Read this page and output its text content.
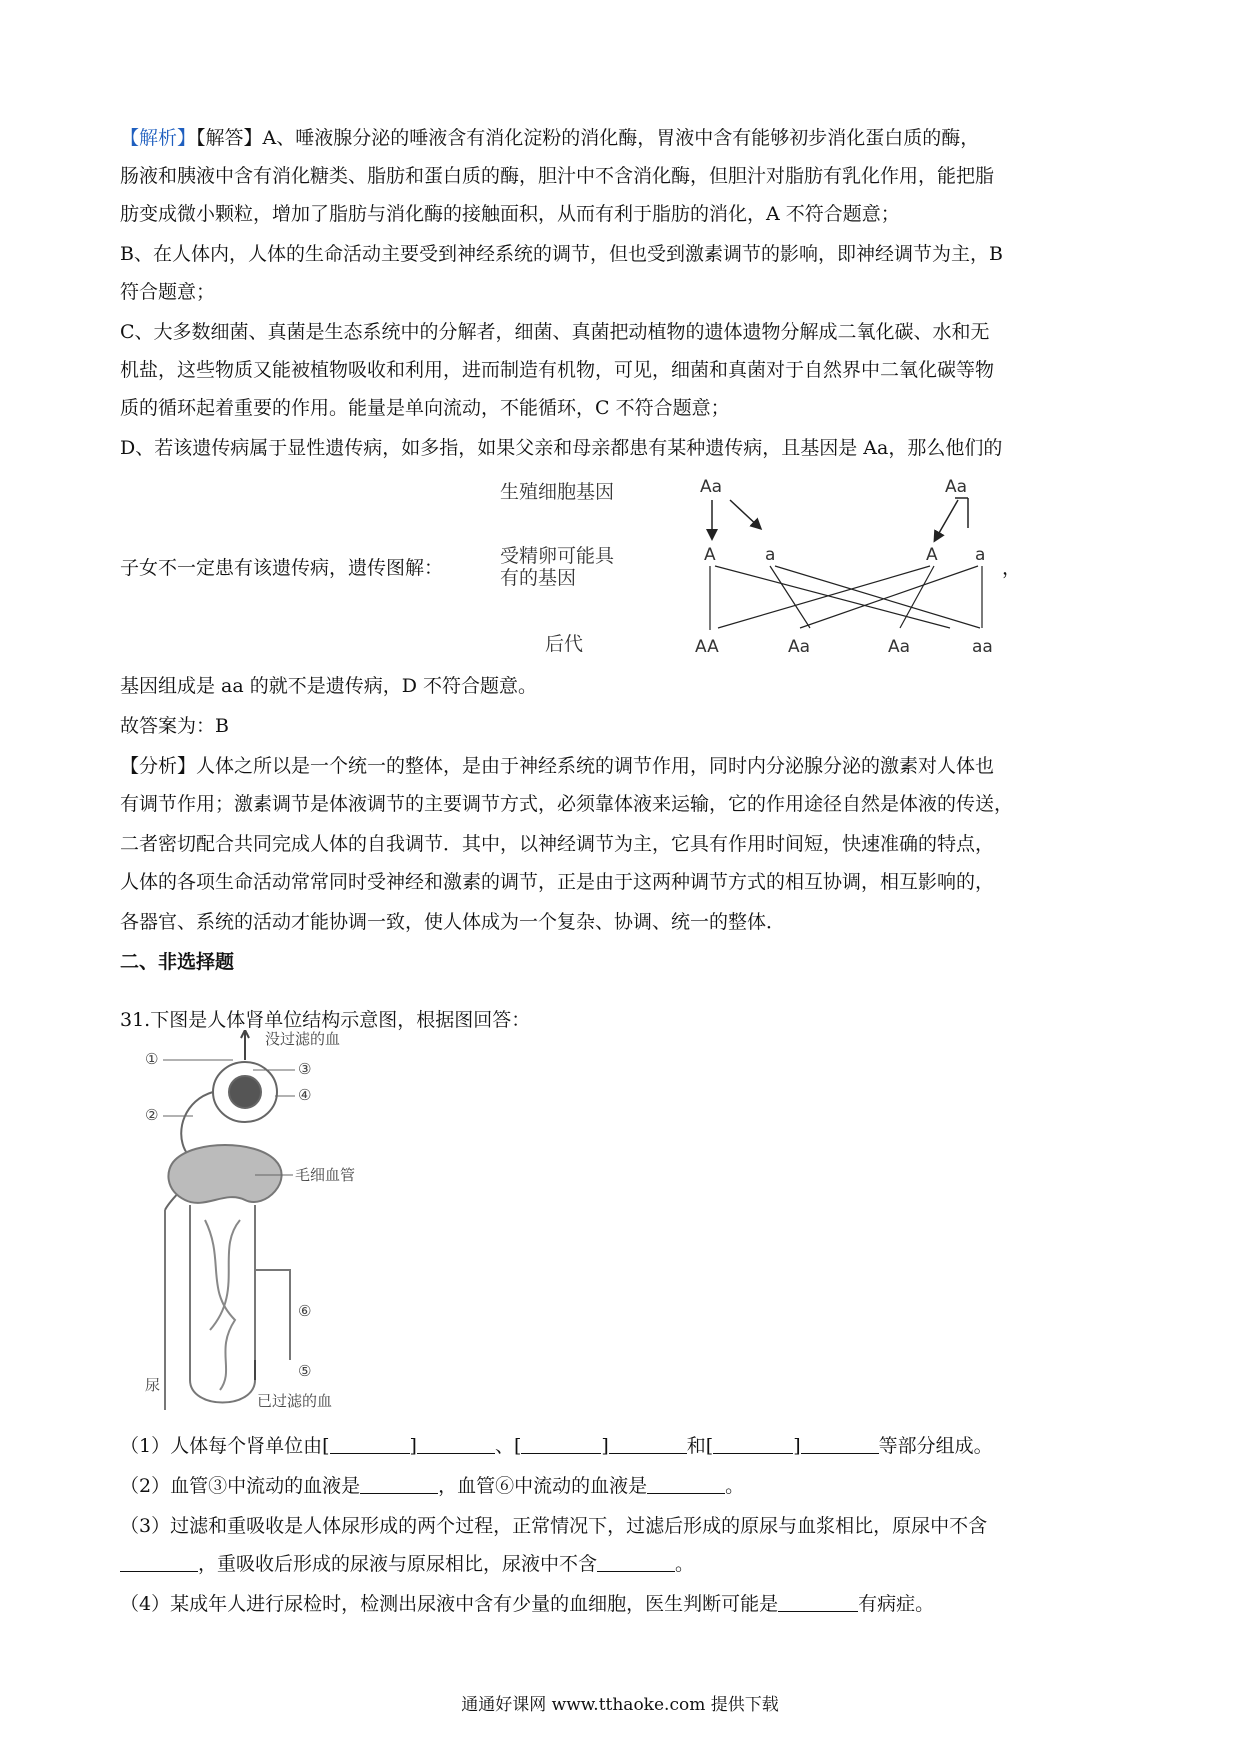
【解析】【解答】A、唾液腺分泌的唾液含有消化淀粉的消化酶，胃液中含有能够初步消化蛋白质的酶，
肠液和胰液中含有消化糖类、脂肪和蛋白质的酶，胆汁中不含消化酶，但胆汁对脂肪有乳化作用，能把脂
肪变成微小颗粒，增加了脂肪与消化酶的接触面积，从而有利于脂肪的消化，A 不符合题意；
B、在人体内，人体的生命活动主要受到神经系统的调节，但也受到激素调节的影响，即神经调节为主，B
符合题意；
C、大多数细菌、真菌是生态系统中的分解者，细菌、真菌把动植物的遗体遗物分解成二氧化碳、水和无
机盐，这些物质又能被植物吸收和利用，进而制造有机物，可见，细菌和真菌对于自然界中二氧化碳等物
质的循环起着重要的作用。能量是单向流动，不能循环，C 不符合题意；
D、若该遗传病属于显性遗传病，如多指，如果父亲和母亲都患有某种遗传病，且基因是 Aa，那么他们的
子女不一定患有该遗传病，遗传图解：	，
生殖细胞基因
受精卵可能具
有的基因
后代
Aa	Aa
A	a	A a
AA	Aa	Aa	aa
基因组成是 aa 的就不是遗传病，D 不符合题意。
故答案为：B
【分析】人体之所以是一个统一的整体，是由于神经系统的调节作用，同时内分泌腺分泌的激素对人体也
有调节作用；激素调节是体液调节的主要调节方式，必须靠体液来运输，它的作用途径自然是体液的传送，
二者密切配合共同完成人体的自我调节．其中，以神经调节为主，它具有作用时间短，快速准确的特点，
人体的各项生命活动常常同时受神经和激素的调节，正是由于这两种调节方式的相互协调，相互影响的，
各器官、系统的活动才能协调一致，使人体成为一个复杂、协调、统一的整体．
二、非选择题
31.下图是人体肾单位结构示意图，根据图回答：
没过滤的血
①
②
③
④
毛细血管
⑥
⑤
已过滤的血
尿
（1）人体每个肾单位由[	]	、[	]	和[	]	等部分组成。
（2）血管③中流动的血液是	，血管⑥中流动的血液是	。
（3）过滤和重吸收是人体尿形成的两个过程，正常情况下，过滤后形成的原尿与血浆相比，原尿中不含
，重吸收后形成的尿液与原尿相比，尿液中不含	。
（4）某成年人进行尿检时，检测出尿液中含有少量的血细胞，医生判断可能是	有病症。
通通好课网 www.tthaoke.com 提供下载
